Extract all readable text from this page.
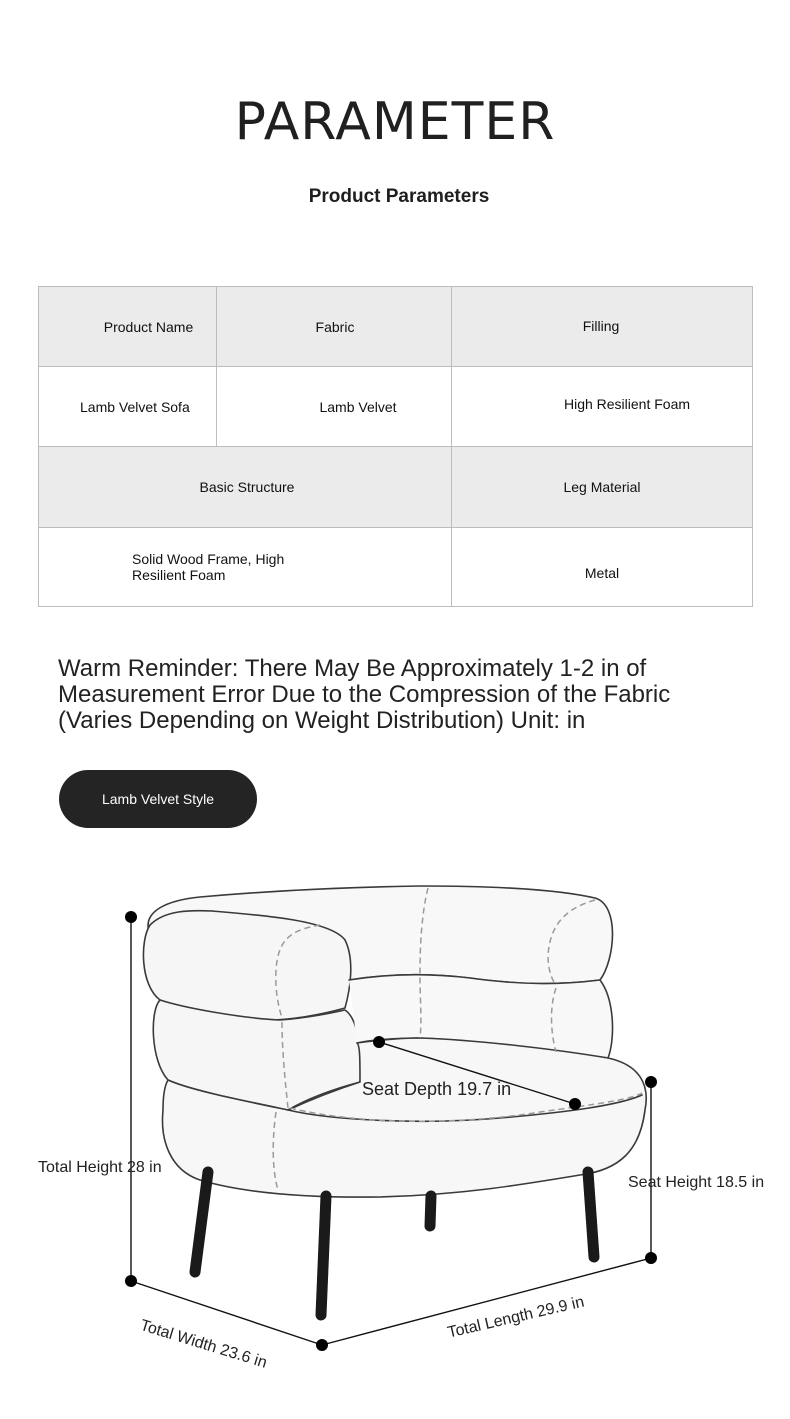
PARAMETER
Product Parameters
Product Name	Fabric	Filling
Lamb Velvet Sofa	Lamb Velvet	High Resilient Foam
Basic Structure		Leg Material
Solid Wood Frame, High Resilient Foam		Metal
Warm Reminder: There May Be Approximately 1-2 in of Measurement Error Due to the Compression of the Fabric (Varies Depending on Weight Distribution) Unit: in
Lamb Velvet Style
Seat Depth 19.7 in
Total Height 28 in
Seat Height 18.5 in
Total Width 23.6 in	Total Length 29.9 in
